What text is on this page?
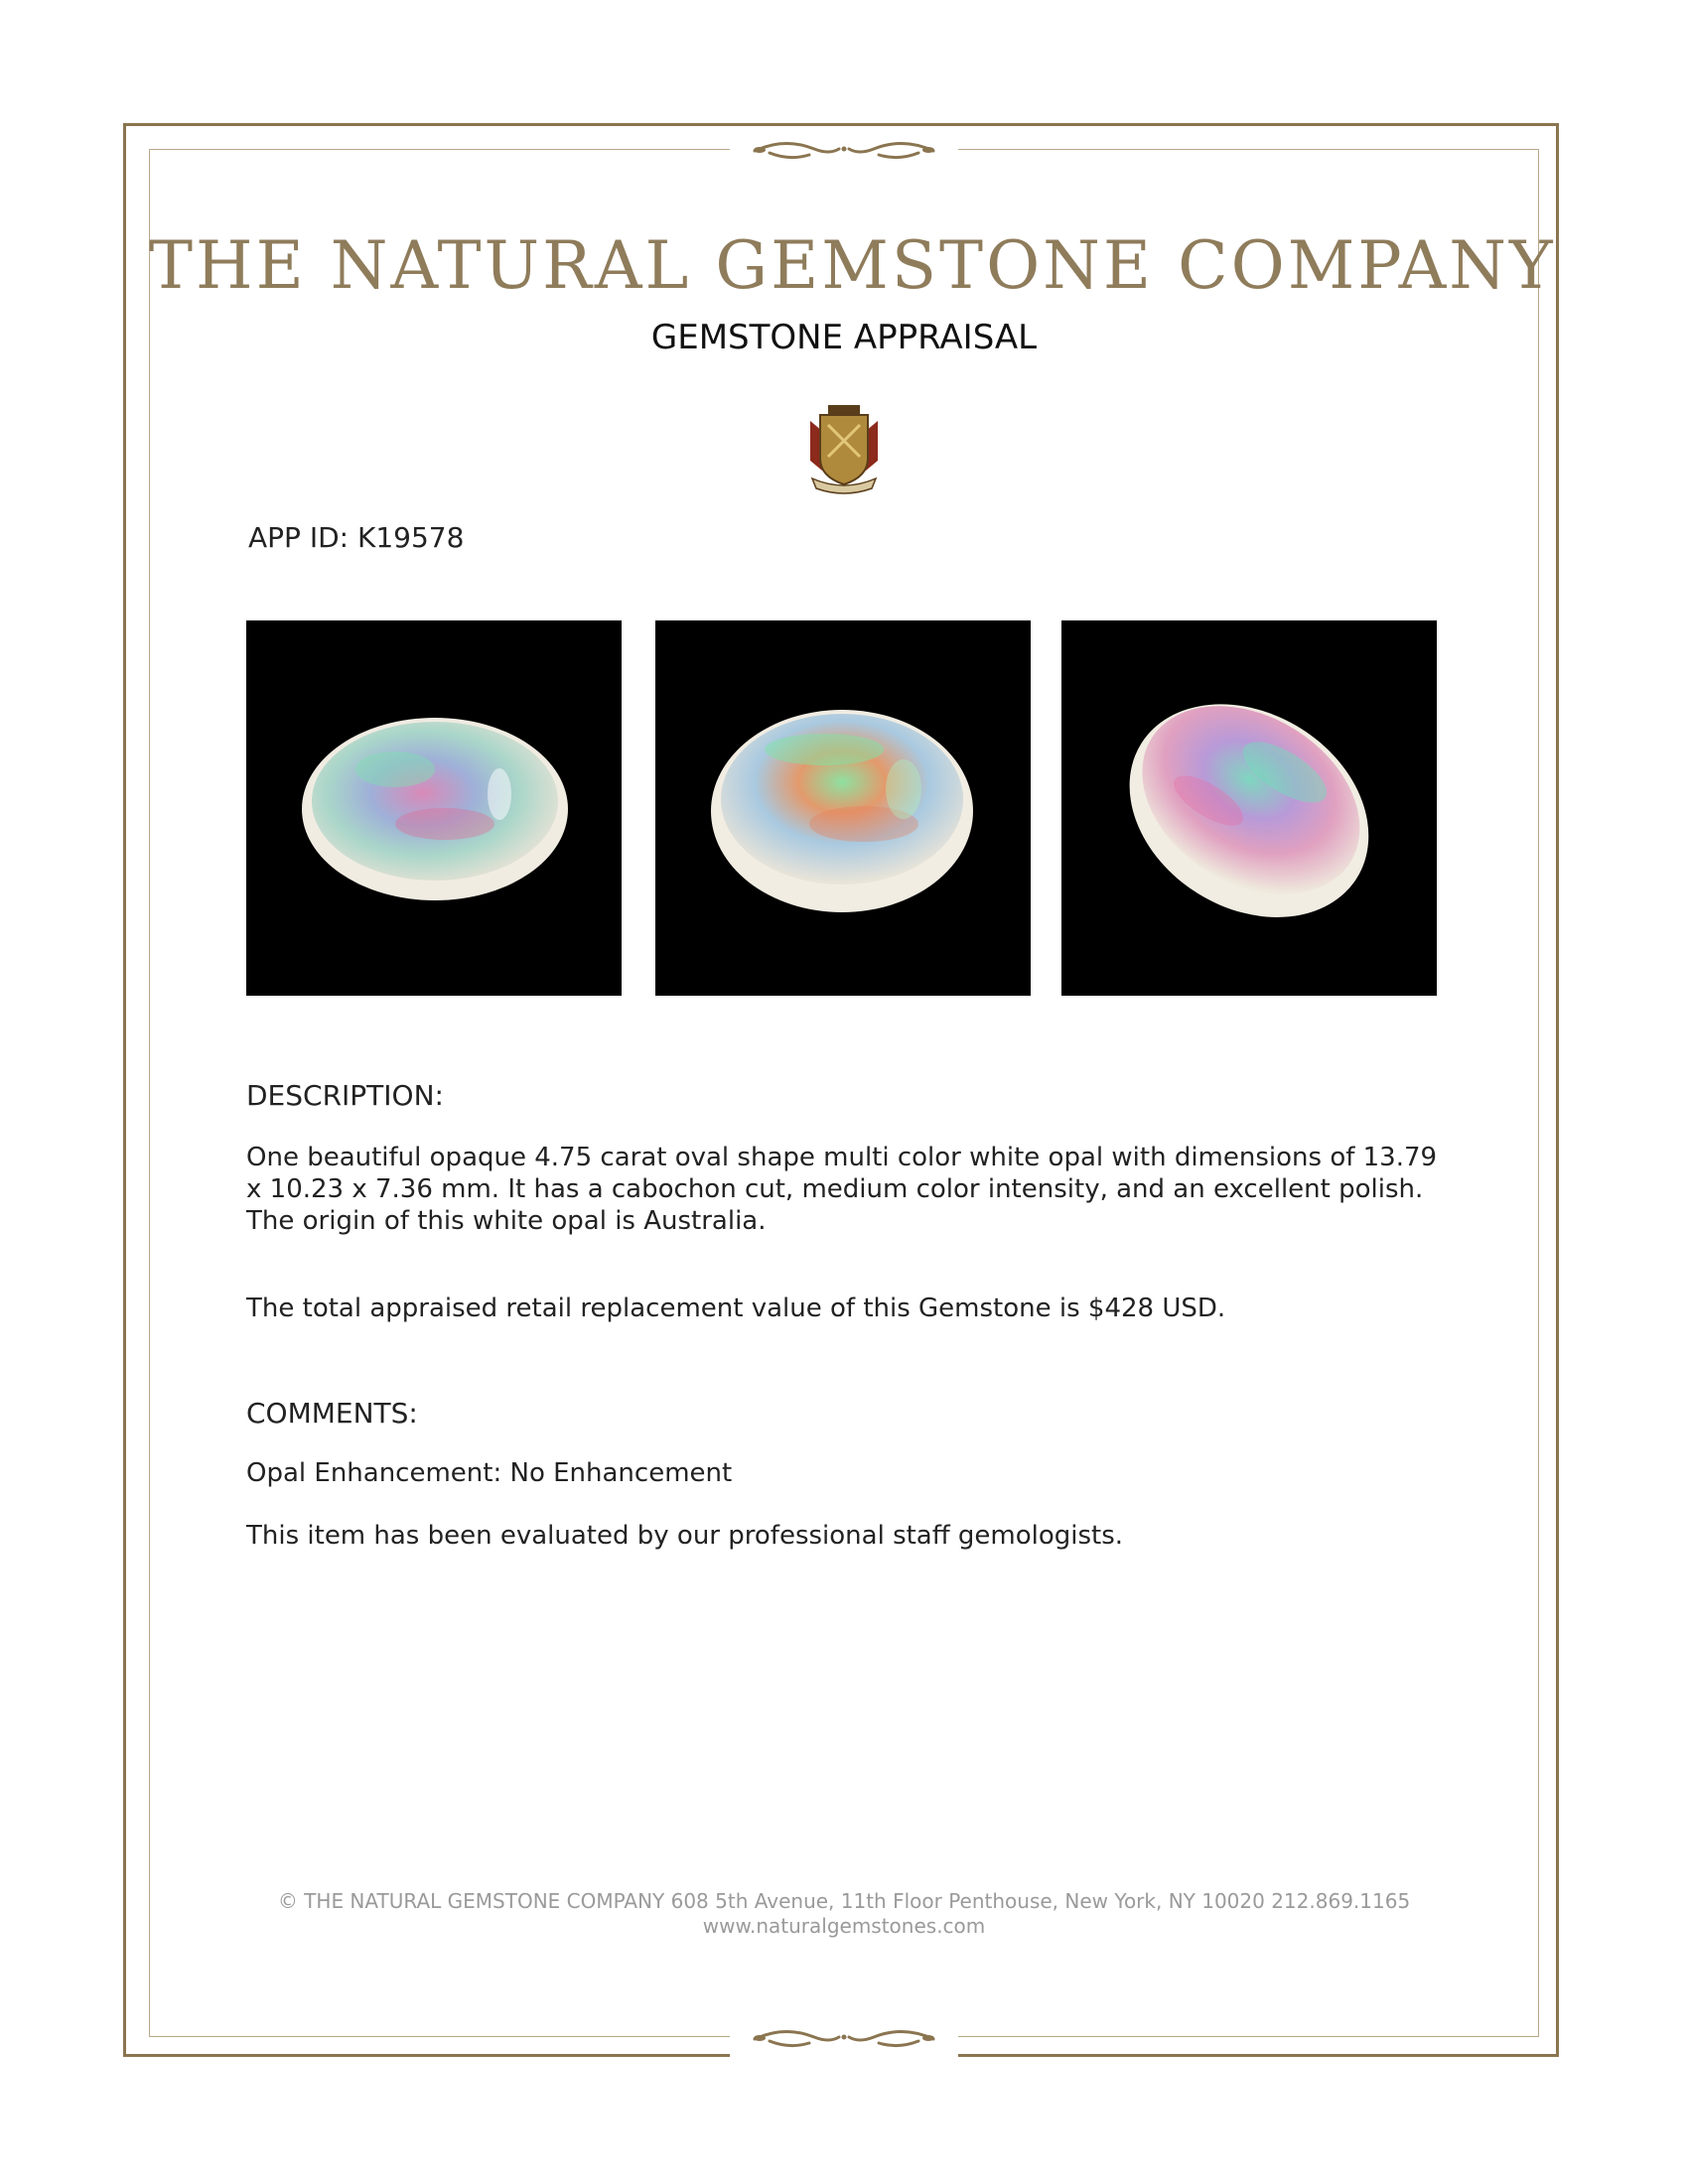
THE NATURAL GEMSTONE COMPANY
GEMSTONE APPRAISAL
APP ID: K19578
DESCRIPTION:
One beautiful opaque 4.75 carat oval shape multi color white opal with dimensions of 13.79 x 10.23 x 7.36 mm. It has a cabochon cut, medium color intensity, and an excellent polish. The origin of this white opal is Australia.
The total appraised retail replacement value of this Gemstone is $428 USD.
COMMENTS:
Opal Enhancement: No Enhancement
This item has been evaluated by our professional staff gemologists.
© THE NATURAL GEMSTONE COMPANY 608 5th Avenue, 11th Floor Penthouse, New York, NY 10020 212.869.1165
www.naturalgemstones.com
